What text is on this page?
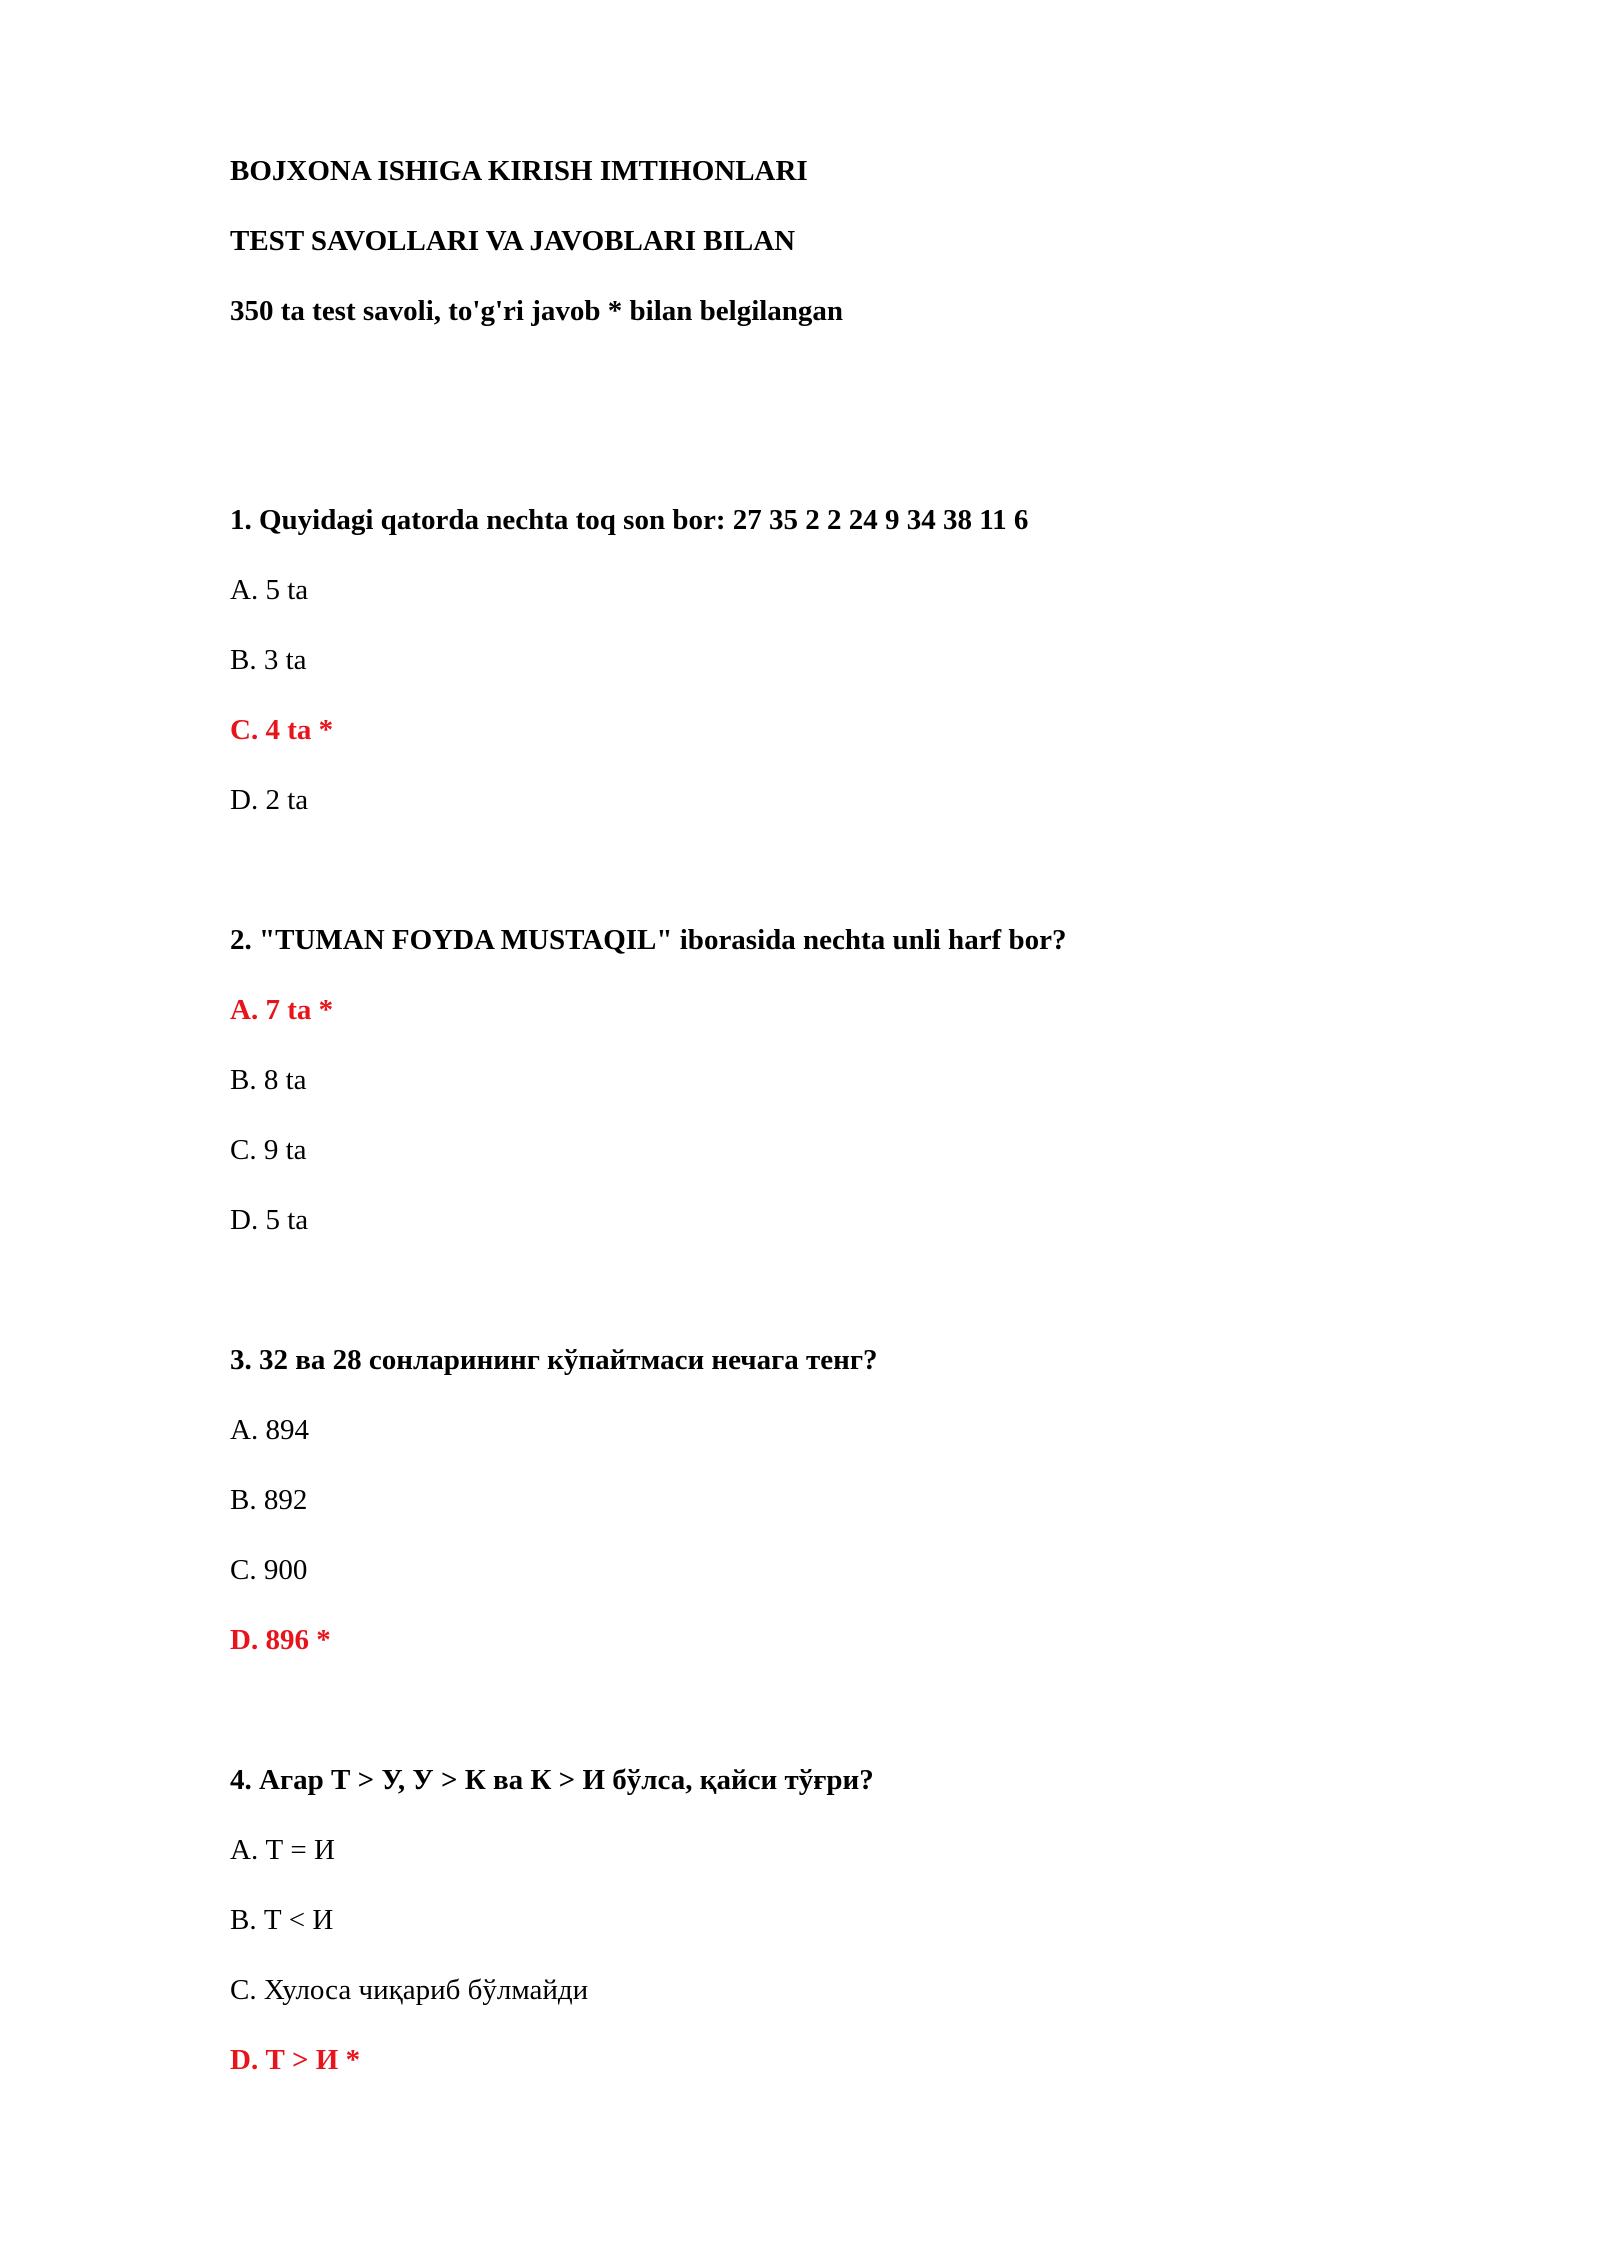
BOJXONA ISHIGA KIRISH IMTIHONLARI
TEST SAVOLLARI VA JAVOBLARI BILAN
350 ta test savoli, to'g'ri javob * bilan belgilangan
1. Quyidagi qatorda nechta toq son bor: 27 35 2 2 24 9 34 38 11 6
A. 5 ta
B. 3 ta
C. 4 ta *
D. 2 ta
2. "TUMAN FOYDA MUSTAQIL" iborasida nechta unli harf bor?
A. 7 ta *
B. 8 ta
C. 9 ta
D. 5 ta
3. 32 ва 28 сонларининг кўпайтмаси нечага тенг?
A. 894
B. 892
C. 900
D. 896 *
4. Агар Т > У, У > К ва К > И бўлса, қайси тўғри?
A. Т = И
B. Т < И
C. Хулоса чиқариб бўлмайди
D. Т > И *
